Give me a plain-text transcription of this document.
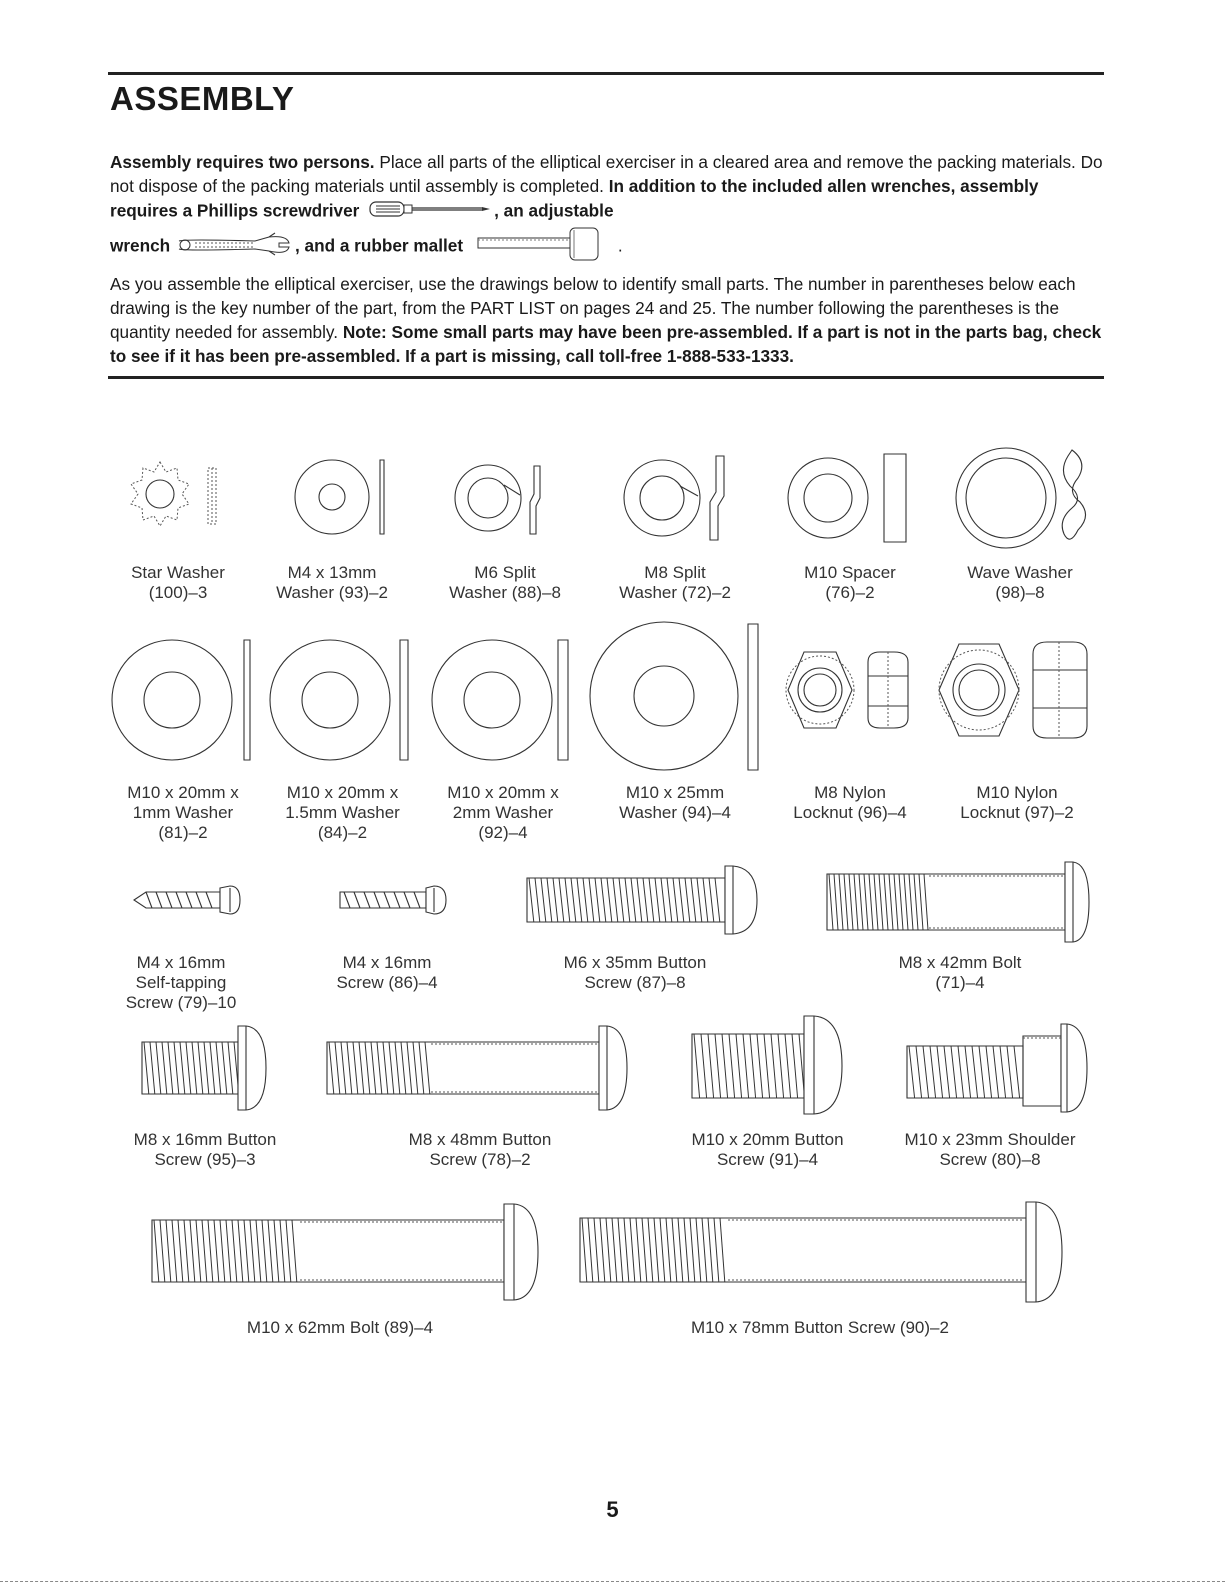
ASSEMBLY

Assembly requires two persons. Place all parts of the elliptical exerciser in a cleared area and remove the packing materials. Do not dispose of the packing materials until assembly is completed. In addition to the included allen wrenches, assembly requires a Phillips screwdriver	, an adjustable
wrench	, and a rubber mallet	.

As you assemble the elliptical exerciser, use the drawings below to identify small parts. The number in parentheses below each drawing is the key number of the part, from the PART LIST on pages 24 and 25. The number following the parentheses is the quantity needed for assembly. Note: Some small parts may have been pre-assembled. If a part is not in the parts bag, check to see if it has been pre-assembled. If a part is missing, call toll-free 1-888-533-1333.

Star Washer
(100)–3
M4 x 13mm
Washer (93)–2
M6 Split
Washer (88)–8
M8 Split
Washer (72)–2
M10 Spacer
(76)–2
Wave Washer
(98)–8
M10 x 20mm x
1mm Washer
(81)–2
M10 x 20mm x
1.5mm Washer
(84)–2
M10 x 20mm x
2mm Washer
(92)–4
M10 x 25mm
Washer (94)–4
M8 Nylon
Locknut (96)–4
M10 Nylon
Locknut (97)–2
M4 x 16mm
Self-tapping
Screw (79)–10
M4 x 16mm
Screw (86)–4
M6 x 35mm Button
Screw (87)–8
M8 x 42mm Bolt
(71)–4
M8 x 16mm Button
Screw (95)–3
M8 x 48mm Button
Screw (78)–2
M10 x 20mm Button
Screw (91)–4
M10 x 23mm Shoulder
Screw (80)–8
M10 x 62mm Bolt (89)–4	M10 x 78mm Button Screw (90)–2
5
